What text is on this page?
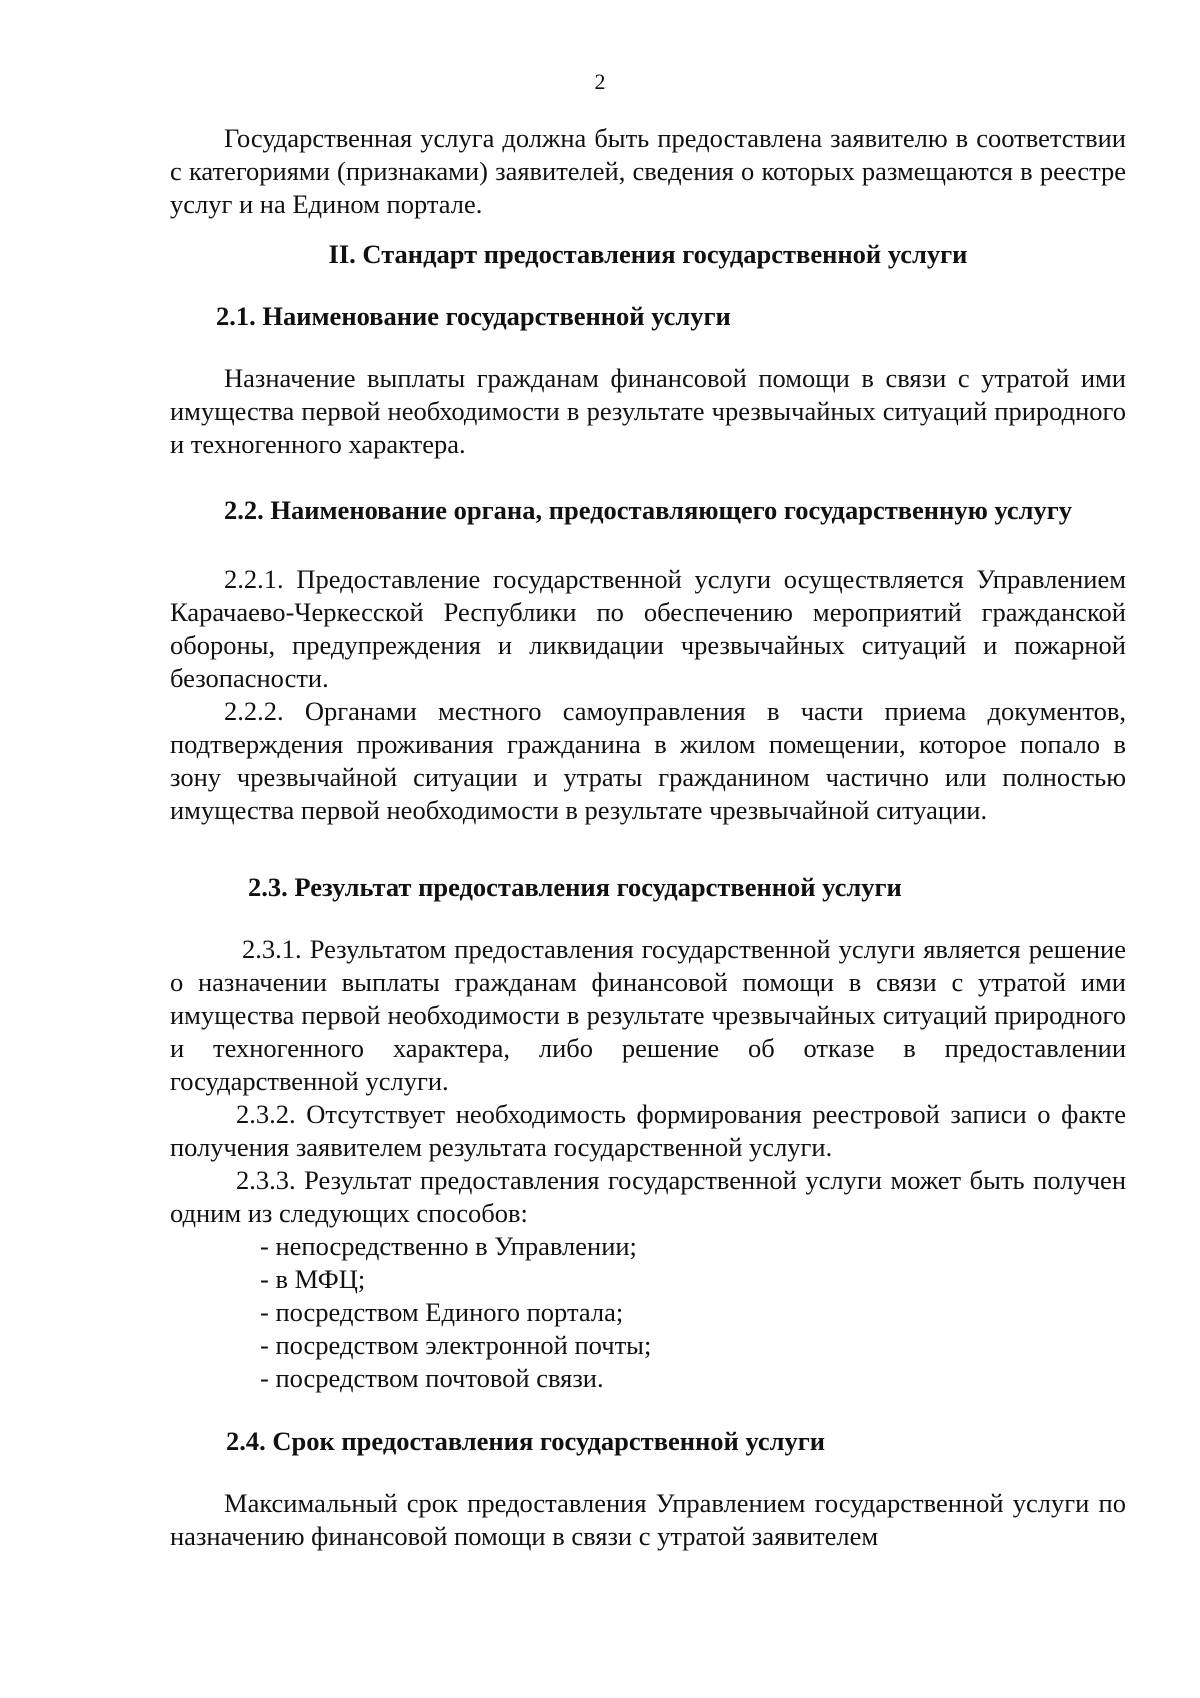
2

Государственная услуга должна быть предоставлена заявителю в соответствии с категориями (признаками) заявителей, сведения о которых размещаются в реестре услуг и на Едином портале.

II. Стандарт предоставления государственной услуги
2.1. Наименование государственной услуги

Назначение выплаты гражданам финансовой помощи в связи с утратой ими имущества первой необходимости в результате чрезвычайных ситуаций природного и техногенного характера.

2.2. Наименование органа, предоставляющего государственную услугу

2.2.1. Предоставление государственной услуги осуществляется Управлением Карачаево-Черкесской Республики по обеспечению мероприятий гражданской обороны, предупреждения и ликвидации чрезвычайных ситуаций и пожарной безопасности.

2.2.2. Органами местного самоуправления в части приема документов, подтверждения проживания гражданина в жилом помещении, которое попало в зону чрезвычайной ситуации и утраты гражданином частично или полностью имущества первой необходимости в результате чрезвычайной ситуации.

2.3. Результат предоставления государственной услуги

2.3.1. Результатом предоставления государственной услуги является решение о назначении выплаты гражданам финансовой помощи в связи с утратой ими имущества первой необходимости в результате чрезвычайных ситуаций природного и техногенного характера, либо решение об отказе в предоставлении государственной услуги.

2.3.2. Отсутствует необходимость формирования реестровой записи о факте получения заявителем результата государственной услуги.

2.3.3. Результат предоставления государственной услуги может быть получен одним из следующих способов:

- непосредственно в Управлении;

- в МФЦ;

- посредством Единого портала;

- посредством электронной почты;

- посредством почтовой связи.

2.4. Срок предоставления государственной услуги

Максимальный срок предоставления Управлением государственной услуги по назначению финансовой помощи в связи с утратой заявителем
